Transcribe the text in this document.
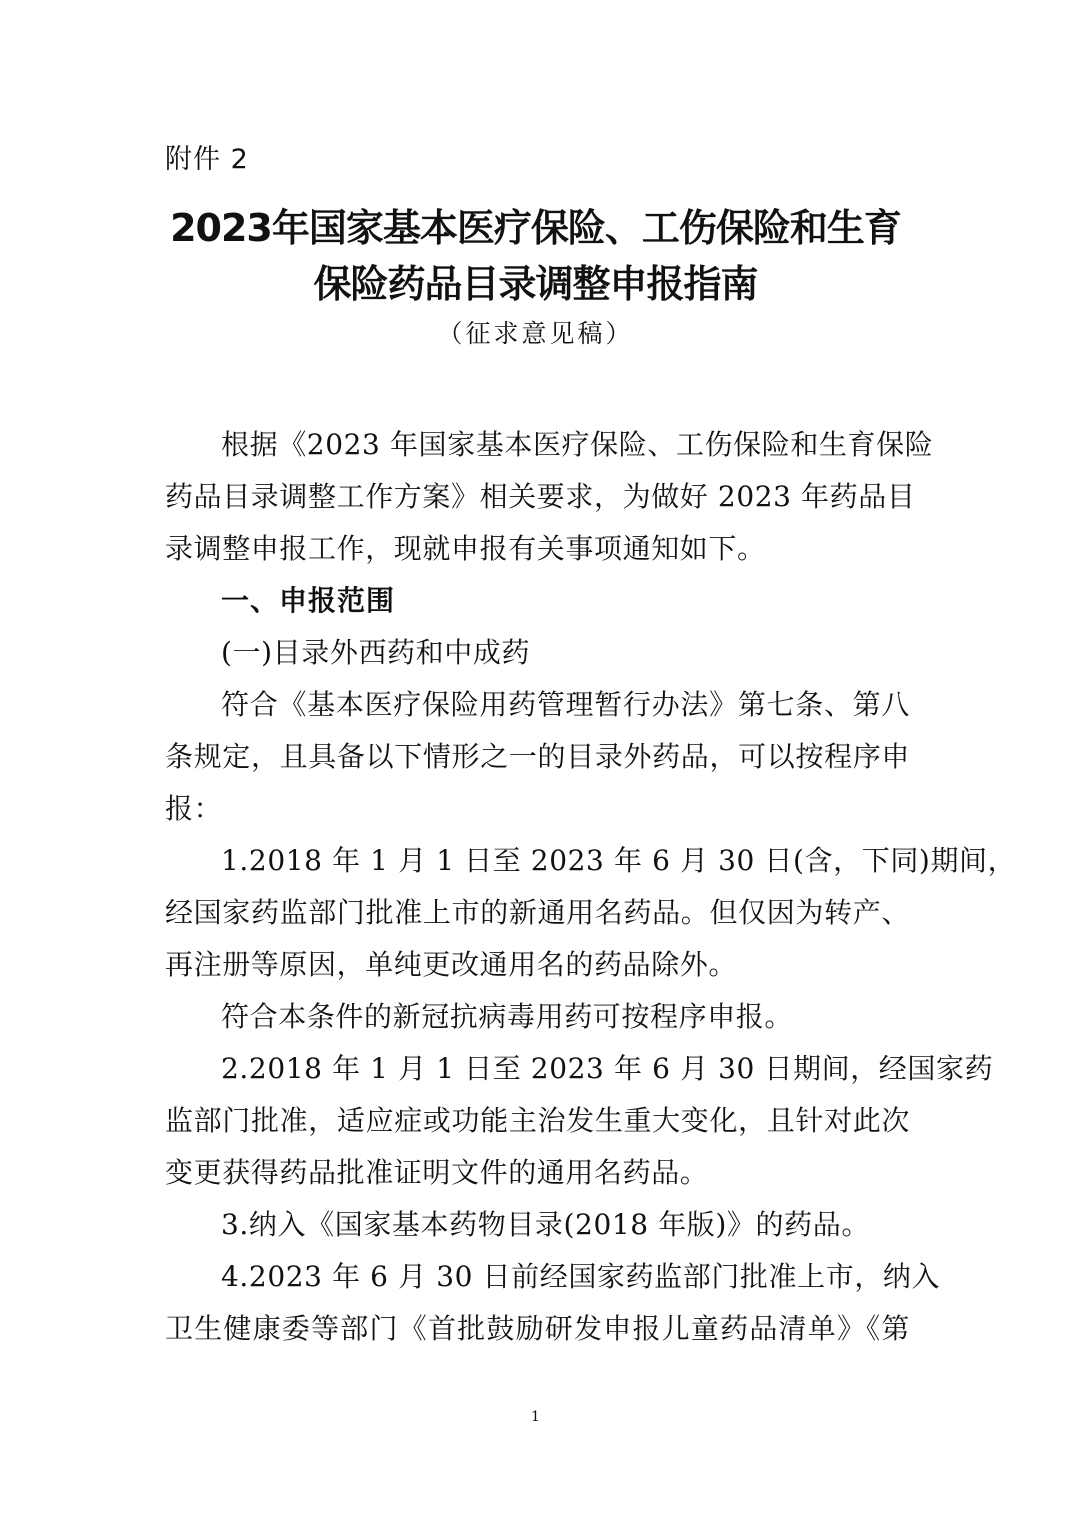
附件 2
2023年国家基本医疗保险、工伤保险和生育
保险药品目录调整申报指南
（征求意见稿）
根据《2023 年国家基本医疗保险、工伤保险和生育保险
药品目录调整工作方案》相关要求，为做好 2023 年药品目
录调整申报工作，现就申报有关事项通知如下。
一、申报范围
(一)目录外西药和中成药
符合《基本医疗保险用药管理暂行办法》第七条、第八
条规定，且具备以下情形之一的目录外药品，可以按程序申
报：
1.2018 年 1 月 1 日至 2023 年 6 月 30 日(含，下同)期间，
经国家药监部门批准上市的新通用名药品。但仅因为转产、
再注册等原因，单纯更改通用名的药品除外。
符合本条件的新冠抗病毒用药可按程序申报。
2.2018 年 1 月 1 日至 2023 年 6 月 30 日期间，经国家药
监部门批准，适应症或功能主治发生重大变化，且针对此次
变更获得药品批准证明文件的通用名药品。
3.纳入《国家基本药物目录(2018 年版)》的药品。
4.2023 年 6 月 30 日前经国家药监部门批准上市，纳入
卫生健康委等部门《首批鼓励研发申报儿童药品清单》《第
1
